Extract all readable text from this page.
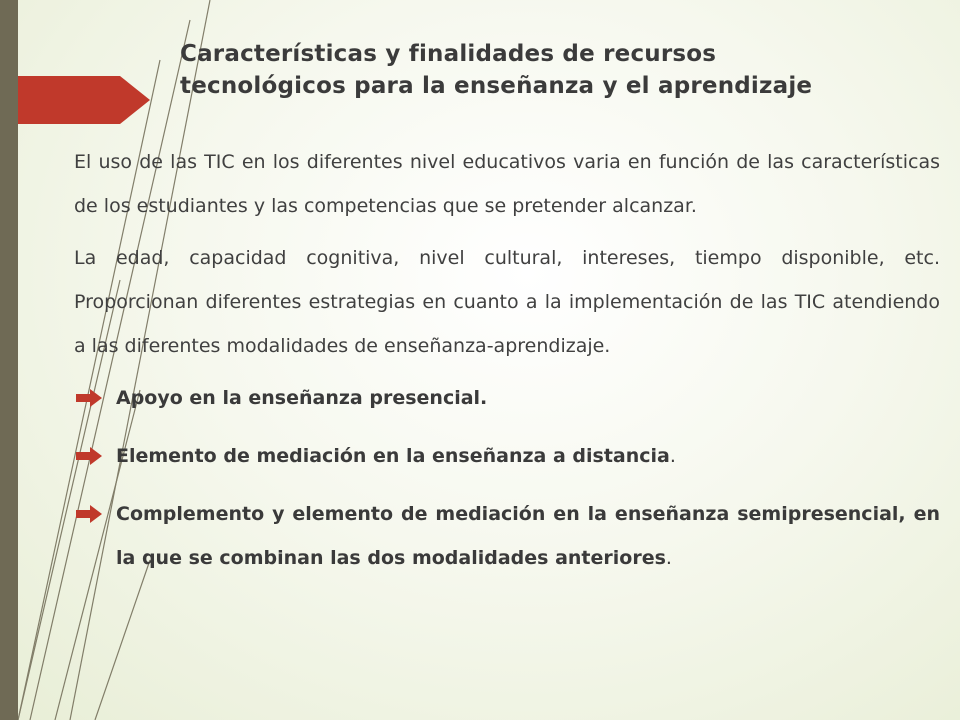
Características y finalidades de recursos
tecnológicos para la enseñanza y el aprendizaje

El uso de las TIC en los diferentes nivel educativos varia en función de las características de los estudiantes y las competencias que se pretender alcanzar.

La edad, capacidad cognitiva, nivel cultural, intereses, tiempo disponible, etc. Proporcionan diferentes estrategias en cuanto a la implementación de las TIC atendiendo a las diferentes modalidades de enseñanza-aprendizaje.

Apoyo en la enseñanza presencial.
Elemento de mediación en la enseñanza a distancia.
Complemento y elemento de mediación en la enseñanza semipresencial, en la que se combinan las dos modalidades anteriores.
